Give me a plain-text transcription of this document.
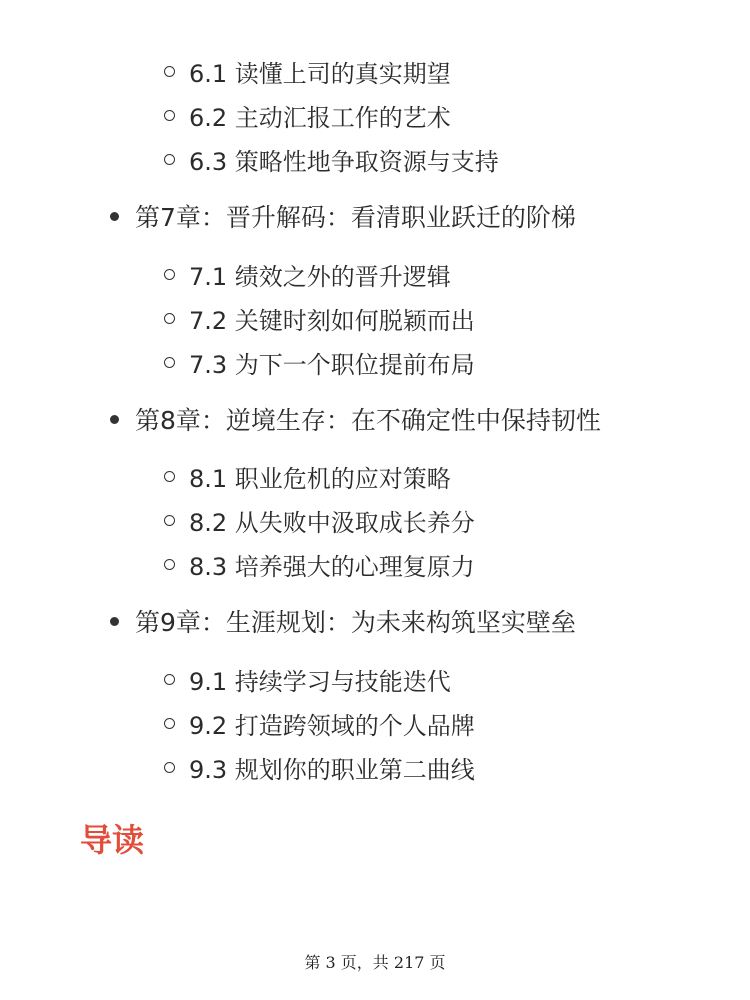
6.1 读懂上司的真实期望
6.2 主动汇报工作的艺术
6.3 策略性地争取资源与支持
第7章：晋升解码：看清职业跃迁的阶梯
7.1 绩效之外的晋升逻辑
7.2 关键时刻如何脱颖而出
7.3 为下一个职位提前布局
第8章：逆境生存：在不确定性中保持韧性
8.1 职业危机的应对策略
8.2 从失败中汲取成长养分
8.3 培养强大的心理复原力
第9章：生涯规划：为未来构筑坚实壁垒
9.1 持续学习与技能迭代
9.2 打造跨领域的个人品牌
9.3 规划你的职业第二曲线
导读
第 3 页，共 217 页
